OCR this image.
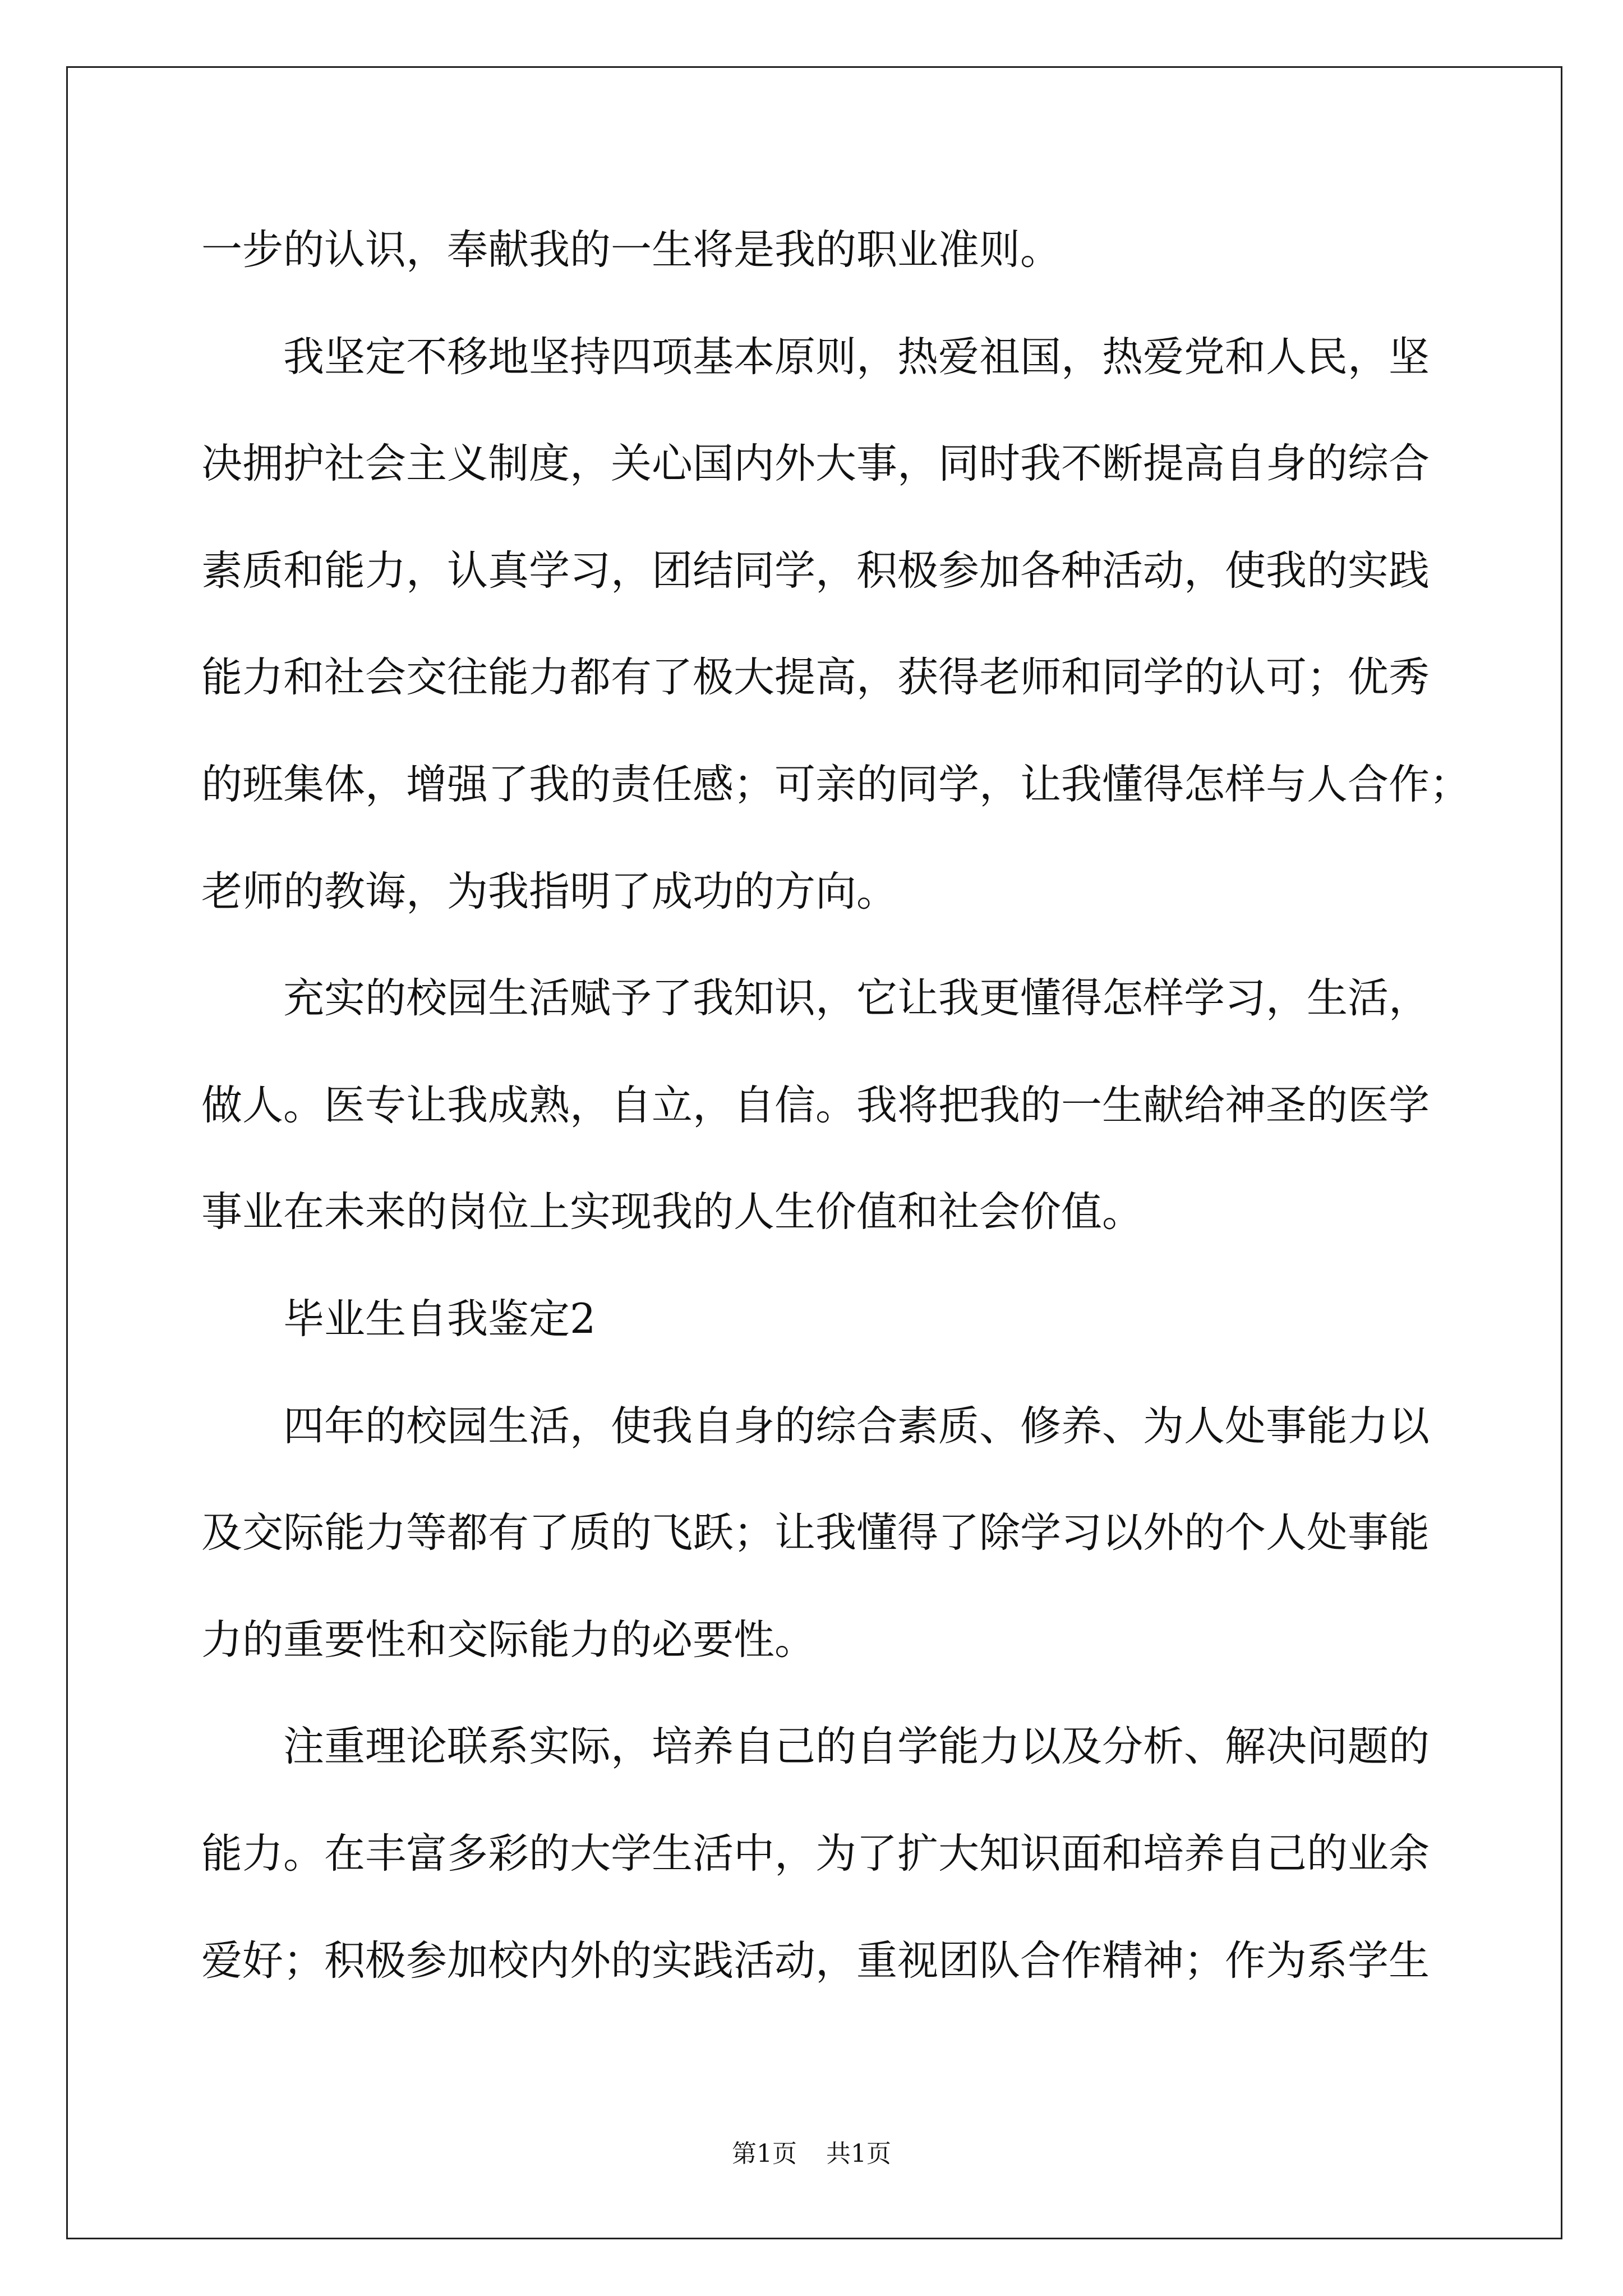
一步的认识，奉献我的一生将是我的职业准则。
我坚定不移地坚持四项基本原则，热爱祖国，热爱党和人民，坚
决拥护社会主义制度，关心国内外大事，同时我不断提高自身的综合
素质和能力，认真学习，团结同学，积极参加各种活动，使我的实践
能力和社会交往能力都有了极大提高，获得老师和同学的认可；优秀
的班集体，增强了我的责任感；可亲的同学，让我懂得怎样与人合作；
老师的教诲，为我指明了成功的方向。
充实的校园生活赋予了我知识，它让我更懂得怎样学习，生活，
做人。医专让我成熟，自立，自信。我将把我的一生献给神圣的医学
事业在未来的岗位上实现我的人生价值和社会价值。
毕业生自我鉴定2
四年的校园生活，使我自身的综合素质、修养、为人处事能力以
及交际能力等都有了质的飞跃；让我懂得了除学习以外的个人处事能
力的重要性和交际能力的必要性。
注重理论联系实际，培养自己的自学能力以及分析、解决问题的
能力。在丰富多彩的大学生活中，为了扩大知识面和培养自己的业余
爱好；积极参加校内外的实践活动，重视团队合作精神；作为系学生
第1页 共1页
